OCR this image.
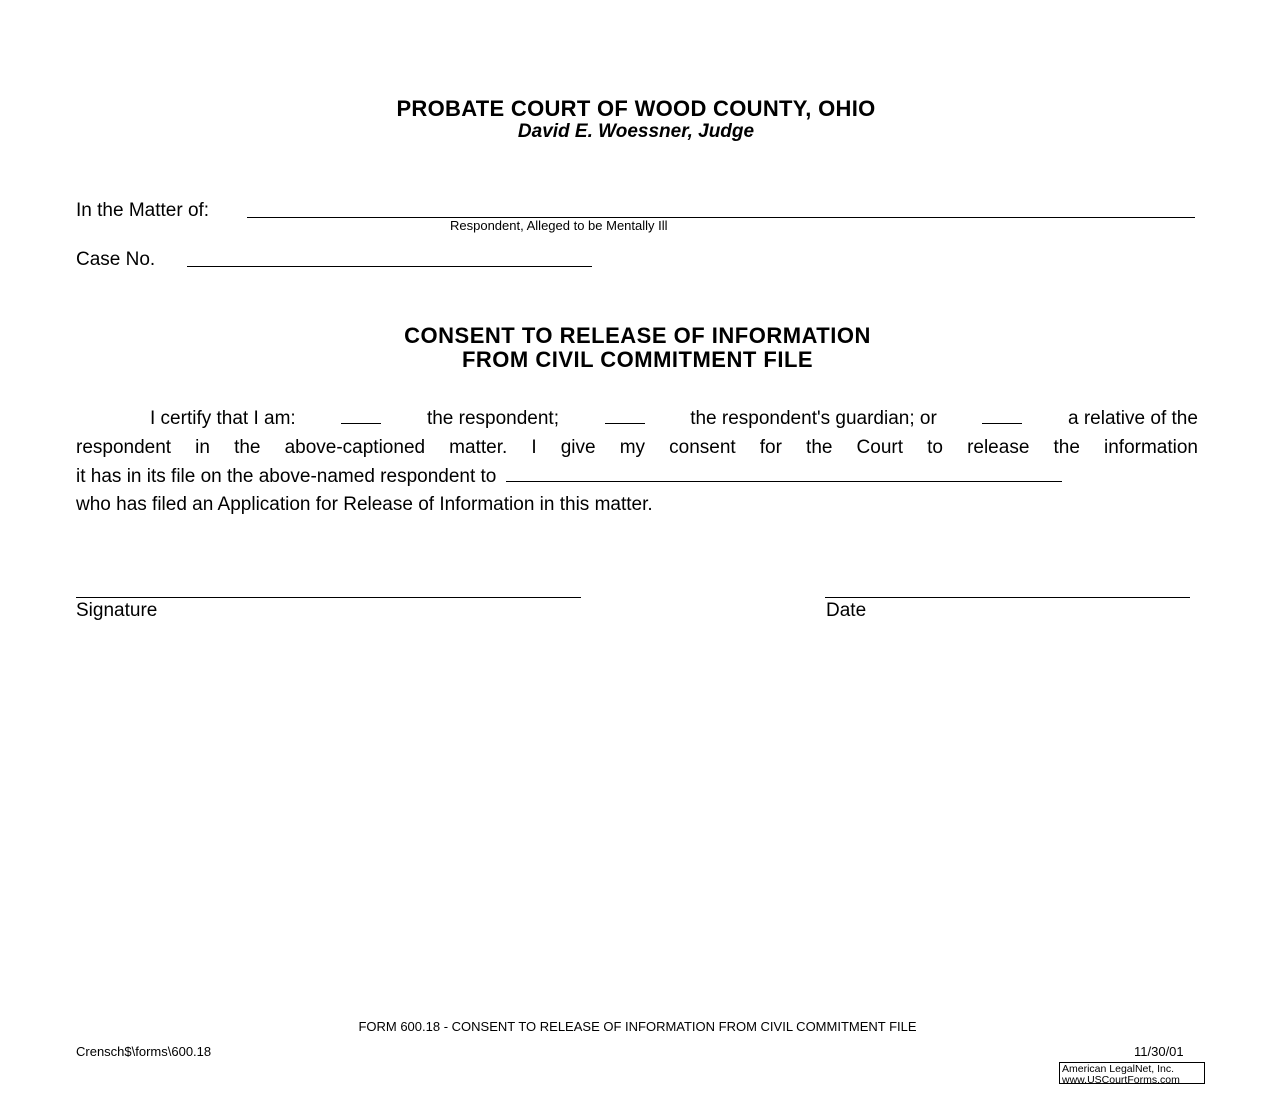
PROBATE COURT OF WOOD COUNTY, OHIO
David E. Woessner, Judge
In the Matter of:
Respondent, Alleged to be Mentally Ill
Case No.
CONSENT TO RELEASE OF INFORMATION
FROM CIVIL COMMITMENT FILE
I certify that I am:	the respondent;	the respondent's guardian; or	a relative of the
respondent in the above-captioned matter. I give my consent for the Court to release the information
it has in its file on the above-named respondent to
who has filed an Application for Release of Information in this matter.
Signature	Date
FORM 600.18 - CONSENT TO RELEASE OF INFORMATION FROM CIVIL COMMITMENT FILE
Crensch$\forms\600.18	11/30/01
American LegalNet, Inc.
www.USCourtForms.com
